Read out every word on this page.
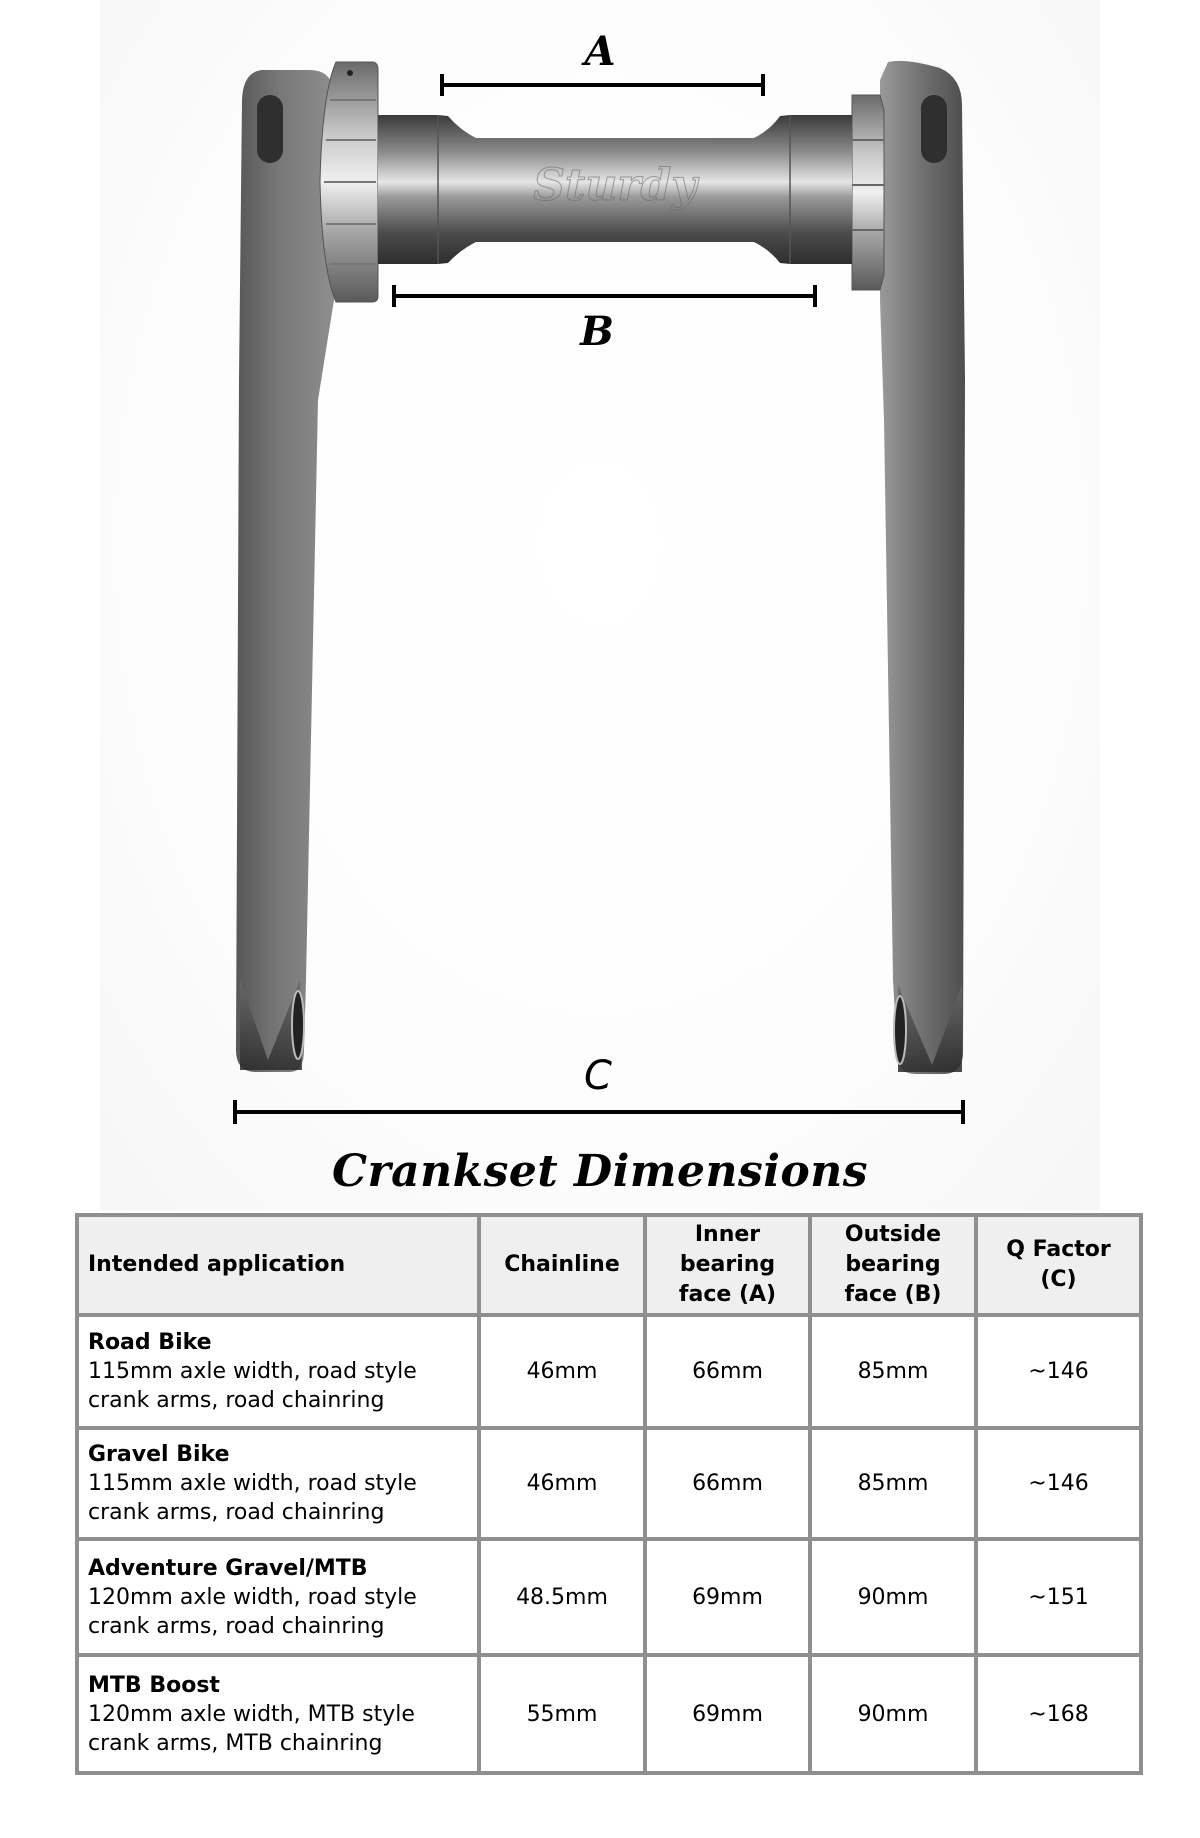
Sturdy
A
B
C
Crankset Dimensions
Intended application	Chainline	Inner
bearing
face (A)	Outside
bearing
face (B)	Q Factor
(C)

Road Bike
115mm axle width, road style
crank arms, road chainring	46mm	66mm	85mm	~146

Gravel Bike
115mm axle width, road style
crank arms, road chainring	46mm	66mm	85mm	~146

Adventure Gravel/MTB
120mm axle width, road style
crank arms, road chainring	48.5mm	69mm	90mm	~151

MTB Boost
120mm axle width, MTB style
crank arms, MTB chainring	55mm	69mm	90mm	~168
